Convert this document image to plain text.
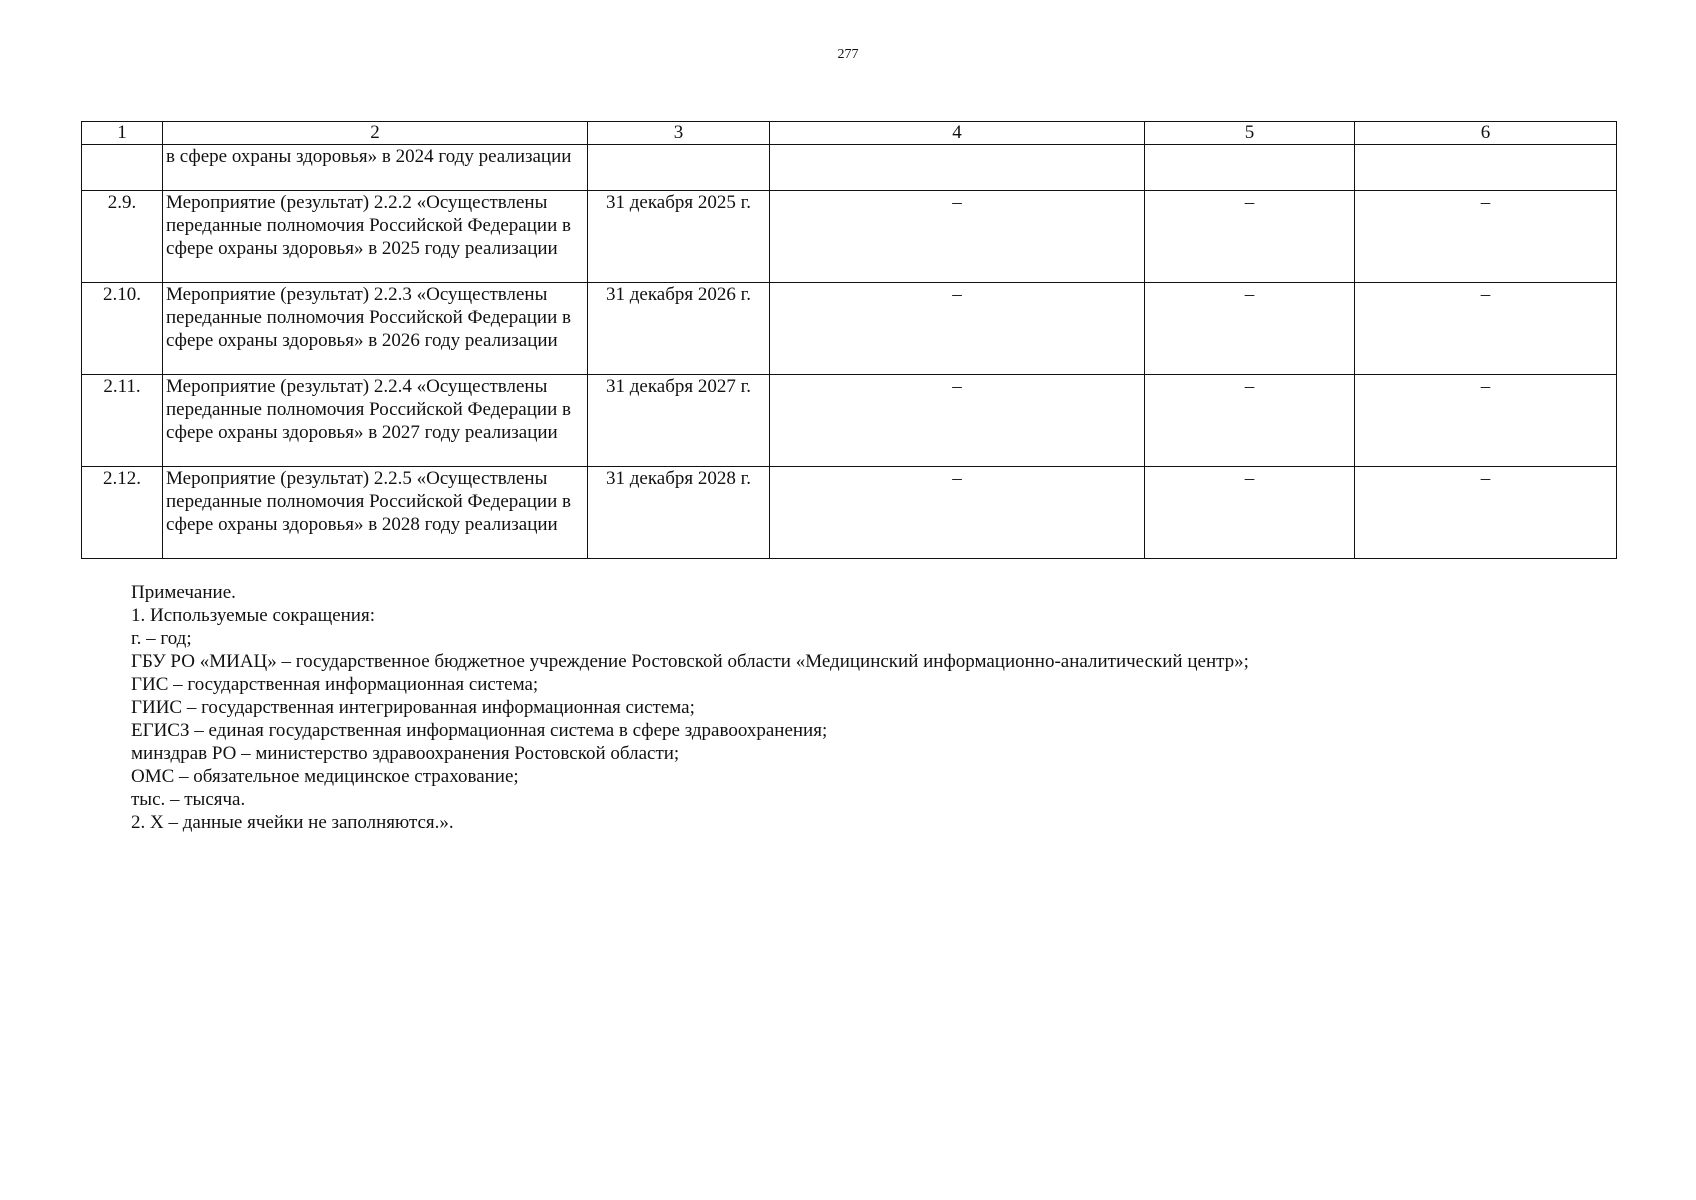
277
1	2	3	4	5	6
	в сфере охраны здоровья» в 2024 году реализации				
2.9.	Мероприятие (результат) 2.2.2 «Осуществлены переданные полномочия Российской Федерации в сфере охраны здоровья» в 2025 году реализации	31 декабря 2025 г.	–	–	–
2.10.	Мероприятие (результат) 2.2.3 «Осуществлены переданные полномочия Российской Федерации в сфере охраны здоровья» в 2026 году реализации	31 декабря 2026 г.	–	–	–
2.11.	Мероприятие (результат) 2.2.4 «Осуществлены переданные полномочия Российской Федерации в сфере охраны здоровья» в 2027 году реализации	31 декабря 2027 г.	–	–	–
2.12.	Мероприятие (результат) 2.2.5 «Осуществлены переданные полномочия Российской Федерации в сфере охраны здоровья» в 2028 году реализации	31 декабря 2028 г.	–	–	–
Примечание.
1. Используемые сокращения:
г. – год;
ГБУ РО «МИАЦ» – государственное бюджетное учреждение Ростовской области «Медицинский информационно-аналитический центр»;
ГИС – государственная информационная система;
ГИИС – государственная интегрированная информационная система;
ЕГИСЗ – единая государственная информационная система в сфере здравоохранения;
минздрав РО – министерство здравоохранения Ростовской области;
ОМС – обязательное медицинское страхование;
тыс. – тысяча.
2. Х – данные ячейки не заполняются.».
